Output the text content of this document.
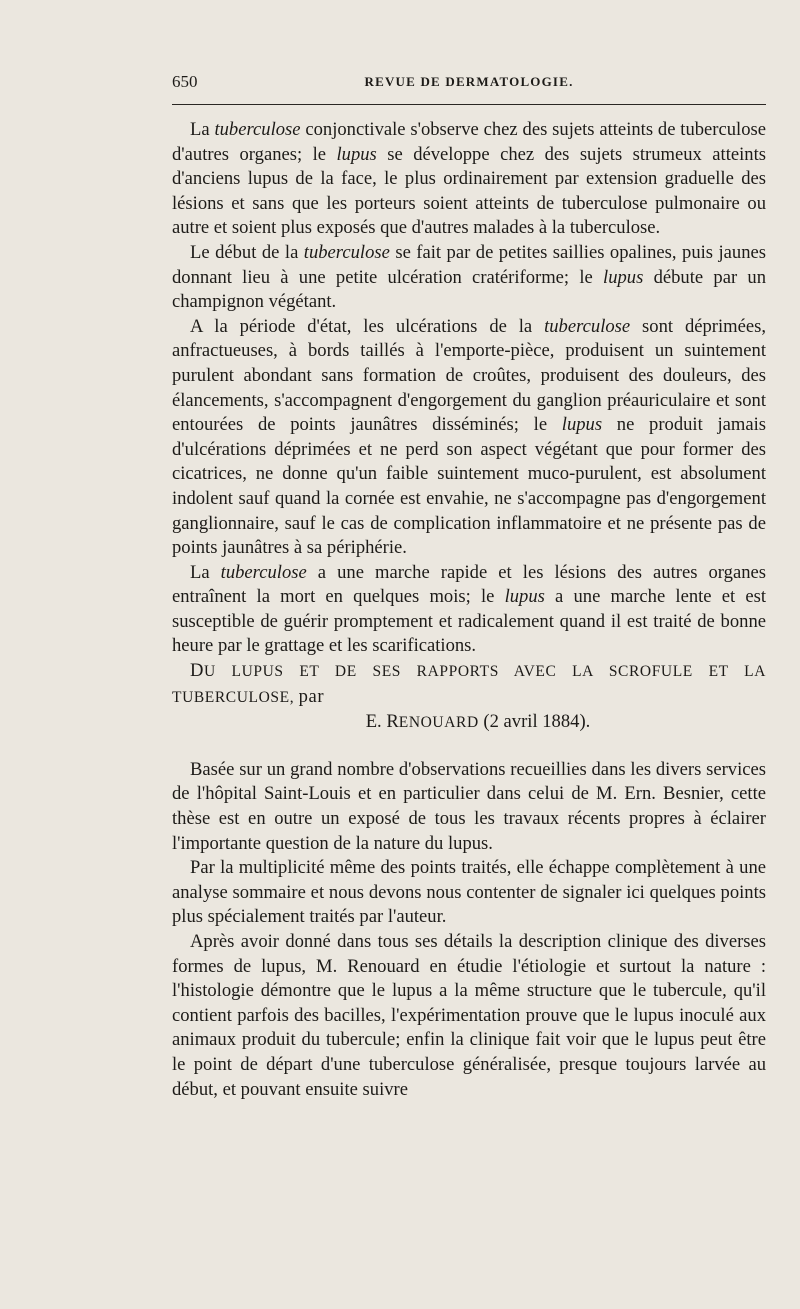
650	REVUE DE DERMATOLOGIE.

La tuberculose conjonctivale s'observe chez des sujets atteints de tuberculose d'autres organes; le lupus se développe chez des sujets strumeux atteints d'anciens lupus de la face, le plus ordinairement par extension graduelle des lésions et sans que les porteurs soient atteints de tuberculose pulmonaire ou autre et soient plus exposés que d'autres malades à la tuberculose.

Le début de la tuberculose se fait par de petites saillies opalines, puis jaunes donnant lieu à une petite ulcération cratériforme; le lupus débute par un champignon végétant.

A la période d'état, les ulcérations de la tuberculose sont déprimées, anfractueuses, à bords taillés à l'emporte-pièce, produisent un suintement purulent abondant sans formation de croûtes, produisent des douleurs, des élancements, s'accompagnent d'engorgement du ganglion préauriculaire et sont entourées de points jaunâtres disséminés; le lupus ne produit jamais d'ulcérations déprimées et ne perd son aspect végétant que pour former des cicatrices, ne donne qu'un faible suintement muco-purulent, est absolument indolent sauf quand la cornée est envahie, ne s'accompagne pas d'engorgement ganglionnaire, sauf le cas de complication inflammatoire et ne présente pas de points jaunâtres à sa périphérie.

La tuberculose a une marche rapide et les lésions des autres organes entraînent la mort en quelques mois; le lupus a une marche lente et est susceptible de guérir promptement et radicalement quand il est traité de bonne heure par le grattage et les scarifications.

DU LUPUS ET DE SES RAPPORTS AVEC LA SCROFULE ET LA TUBERCULOSE, par

E. RENOUARD (2 avril 1884).

Basée sur un grand nombre d'observations recueillies dans les divers services de l'hôpital Saint-Louis et en particulier dans celui de M. Ern. Besnier, cette thèse est en outre un exposé de tous les travaux récents propres à éclairer l'importante question de la nature du lupus.

Par la multiplicité même des points traités, elle échappe complètement à une analyse sommaire et nous devons nous contenter de signaler ici quelques points plus spécialement traités par l'auteur.

Après avoir donné dans tous ses détails la description clinique des diverses formes de lupus, M. Renouard en étudie l'étiologie et surtout la nature : l'histologie démontre que le lupus a la même structure que le tubercule, qu'il contient parfois des bacilles, l'expérimentation prouve que le lupus inoculé aux animaux produit du tubercule; enfin la clinique fait voir que le lupus peut être le point de départ d'une tuberculose généralisée, presque toujours larvée au début, et pouvant ensuite suivre
